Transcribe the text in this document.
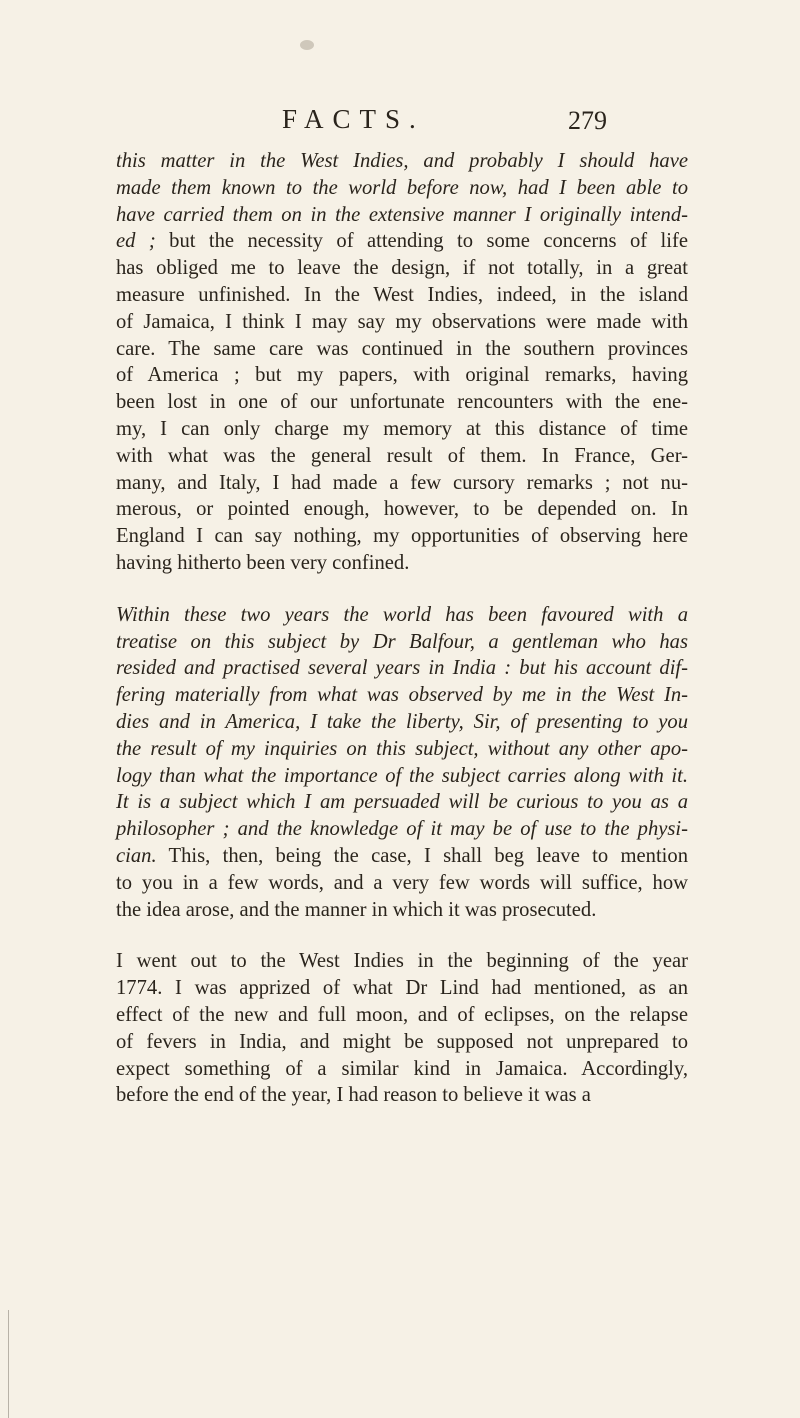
FACTS.	279

this matter in the West Indies, and probably I should have
made them known to the world before now, had I been able to
have carried them on in the extensive manner I originally intend-
ed ; but the necessity of attending to some concerns of life
has obliged me to leave the design, if not totally, in a great
measure unfinished. In the West Indies, indeed, in the island
of Jamaica, I think I may say my observations were made with
care. The same care was continued in the southern provinces
of America ; but my papers, with original remarks, having
been lost in one of our unfortunate rencounters with the ene-
my, I can only charge my memory at this distance of time
with what was the general result of them. In France, Ger-
many, and Italy, I had made a few cursory remarks ; not nu-
merous, or pointed enough, however, to be depended on. In
England I can say nothing, my opportunities of observing here
having hitherto been very confined.

Within these two years the world has been favoured with a
treatise on this subject by Dr Balfour, a gentleman who has
resided and practised several years in India : but his account dif-
fering materially from what was observed by me in the West In-
dies and in America, I take the liberty, Sir, of presenting to you
the result of my inquiries on this subject, without any other apo-
logy than what the importance of the subject carries along with it.
It is a subject which I am persuaded will be curious to you as a
philosopher ; and the knowledge of it may be of use to the physi-
cian. This, then, being the case, I shall beg leave to mention
to you in a few words, and a very few words will suffice, how
the idea arose, and the manner in which it was prosecuted.

I went out to the West Indies in the beginning of the year
1774. I was apprized of what Dr Lind had mentioned, as an
effect of the new and full moon, and of eclipses, on the relapse
of fevers in India, and might be supposed not unprepared to
expect something of a similar kind in Jamaica. Accordingly,
before the end of the year, I had reason to believe it was a
